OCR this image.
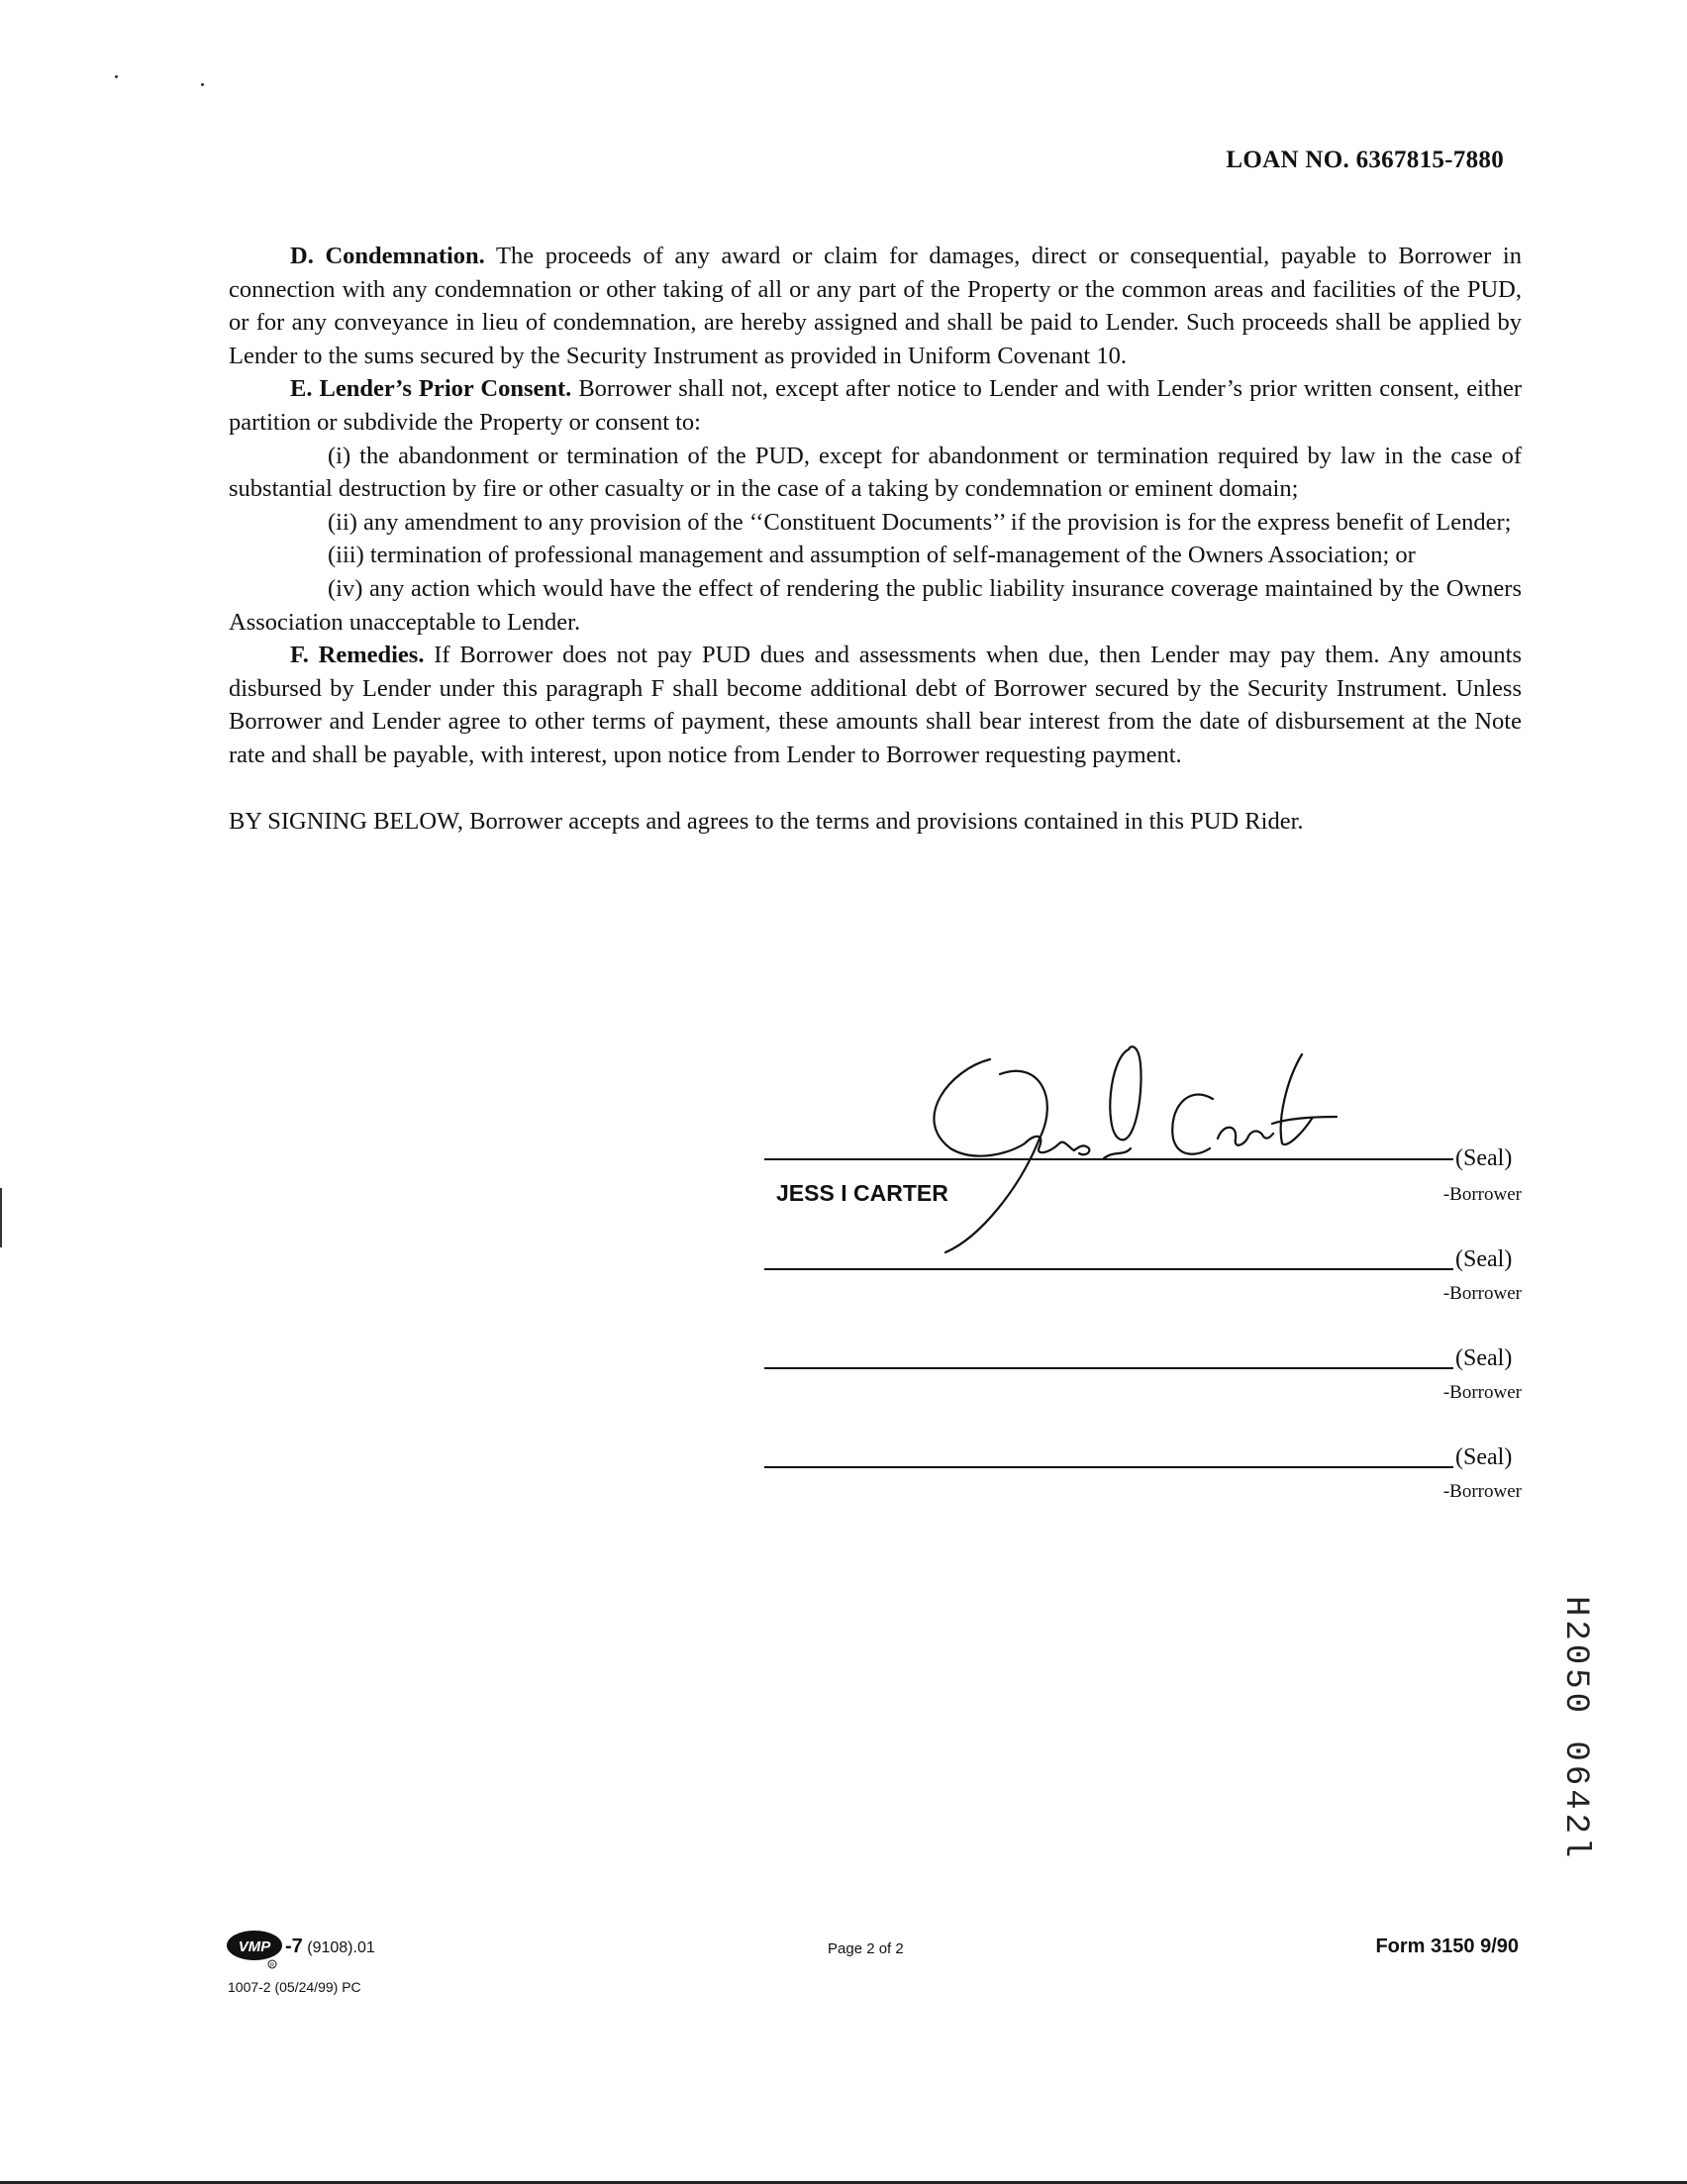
LOAN NO. 6367815-7880

D. Condemnation. The proceeds of any award or claim for damages, direct or consequential, payable to Borrower in connection with any condemnation or other taking of all or any part of the Property or the common areas and facilities of the PUD, or for any conveyance in lieu of condemnation, are hereby assigned and shall be paid to Lender. Such proceeds shall be applied by Lender to the sums secured by the Security Instrument as provided in Uniform Covenant 10.

E. Lender’s Prior Consent. Borrower shall not, except after notice to Lender and with Lender’s prior written consent, either partition or subdivide the Property or consent to:

(i) the abandonment or termination of the PUD, except for abandonment or termination required by law in the case of substantial destruction by fire or other casualty or in the case of a taking by condemnation or eminent domain;

(ii) any amendment to any provision of the ‘‘Constituent Documents’’ if the provision is for the express benefit of Lender;

(iii) termination of professional management and assumption of self-management of the Owners Association; or

(iv) any action which would have the effect of rendering the public liability insurance coverage maintained by the Owners Association unacceptable to Lender.

F. Remedies. If Borrower does not pay PUD dues and assessments when due, then Lender may pay them. Any amounts disbursed by Lender under this paragraph F shall become additional debt of Borrower secured by the Security Instrument. Unless Borrower and Lender agree to other terms of payment, these amounts shall bear interest from the date of disbursement at the Note rate and shall be payable, with interest, upon notice from Lender to Borrower requesting payment.

BY SIGNING BELOW, Borrower accepts and agrees to the terms and provisions contained in this PUD Rider.

(Seal)
-Borrower
JESS I CARTER
(Seal)
-Borrower
(Seal)
-Borrower
(Seal)
-Borrower
VMP
R
-7 (9108).01
1007-2 (05/24/99) PC
Page 2 of 2	Form 3150 9/90
H2050 0642l
